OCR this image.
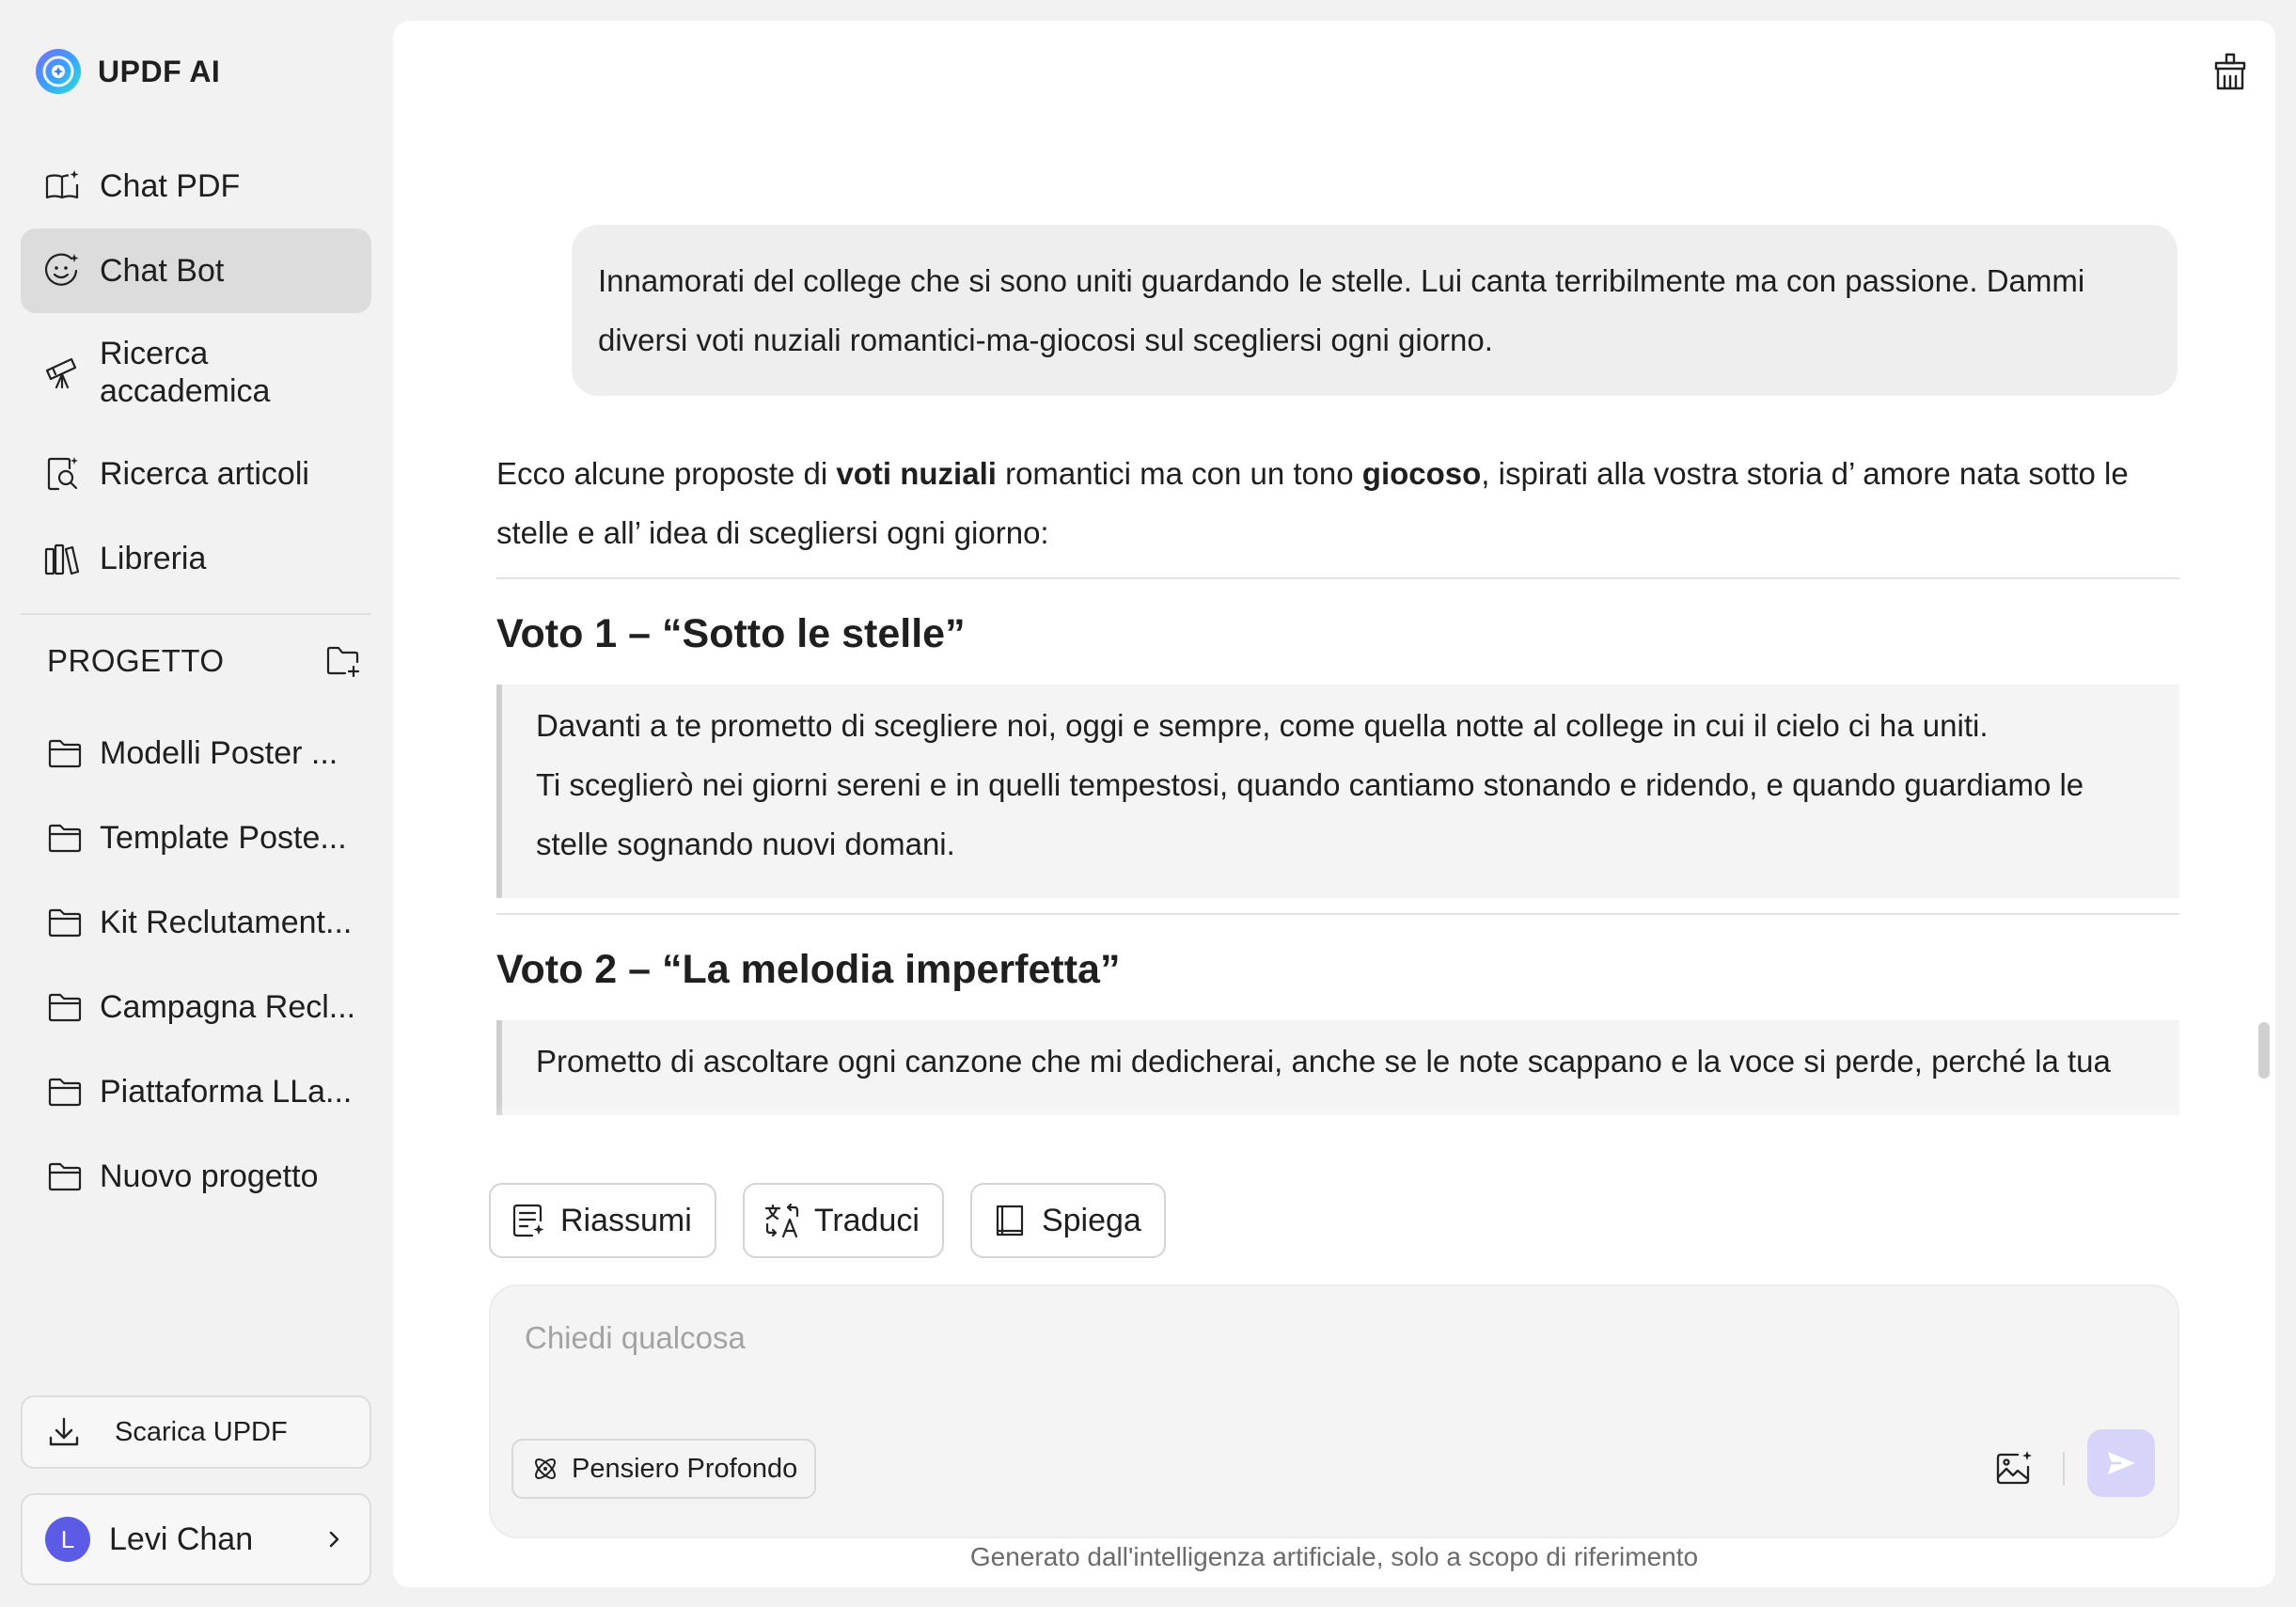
UPDF AI
Chat PDF
Chat Bot
Ricerca
accademica
Ricerca articoli
Libreria
PROGETTO
Modelli Poster ...
Template Poste...
Kit Reclutament...
Campagna Recl...
Piattaforma LLa...
Nuovo progetto
Scarica UPDF
L	Levi Chan
Innamorati del college che si sono uniti guardando le stelle. Lui canta terribilmente ma con passione. Dammi diversi voti nuziali romantici-ma-giocosi sul scegliersi ogni giorno.

Ecco alcune proposte di voti nuziali romantici ma con un tono giocoso, ispirati alla vostra storia d’ amore nata sotto le stelle e all’ idea di scegliersi ogni giorno:

Voto 1 – “Sotto le stelle”
Davanti a te prometto di scegliere noi, oggi e sempre, come quella notte al college in cui il cielo ci ha uniti.
Ti sceglierò nei giorni sereni e in quelli tempestosi, quando cantiamo stonando e ridendo, e quando guardiamo le stelle sognando nuovi domani.
Voto 2 – “La melodia imperfetta”
Prometto di ascoltare ogni canzone che mi dedicherai, anche se le note scappano e la voce si perde, perché la tua
Riassumi	Traduci	Spiega
Chiedi qualcosa
Pensiero Profondo
Generato dall'intelligenza artificiale, solo a scopo di riferimento
